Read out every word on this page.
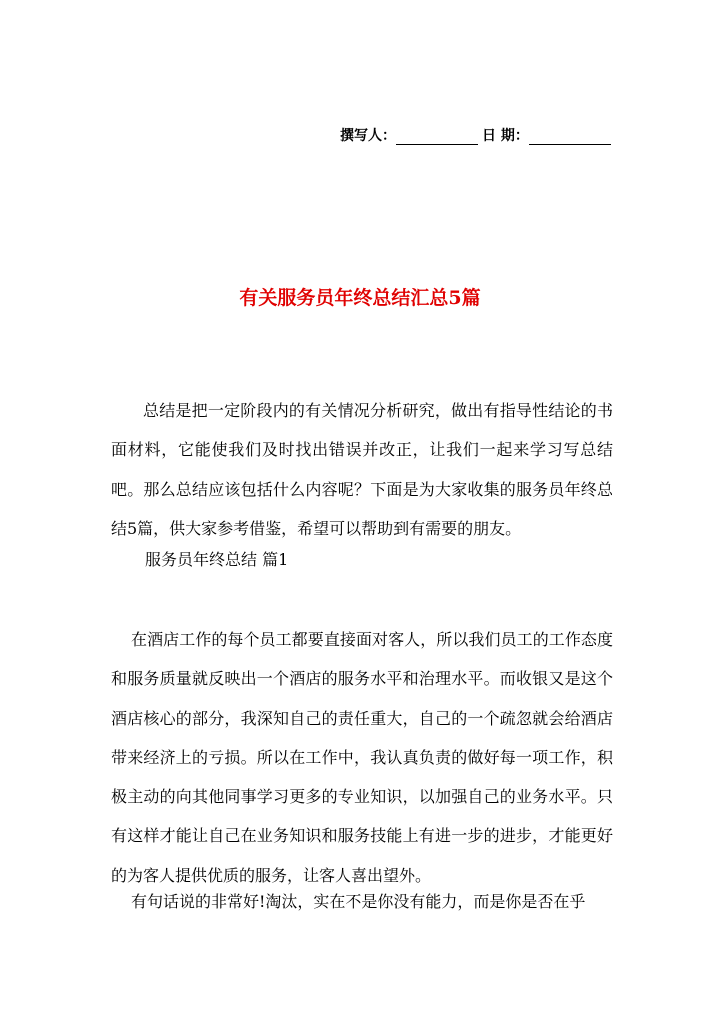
撰写人：	日 期：
有关服务员年终总结汇总5篇

总结是把一定阶段内的有关情况分析研究，做出有指导性结论的书面材料，它能使我们及时找出错误并改正，让我们一起来学习写总结吧。那么总结应该包括什么内容呢？下面是为大家收集的服务员年终总结5篇，供大家参考借鉴，希望可以帮助到有需要的朋友。

服务员年终总结 篇1

在酒店工作的每个员工都要直接面对客人，所以我们员工的工作态度和服务质量就反映出一个酒店的服务水平和治理水平。而收银又是这个酒店核心的部分，我深知自己的责任重大，自己的一个疏忽就会给酒店带来经济上的亏损。所以在工作中，我认真负责的做好每一项工作，积极主动的向其他同事学习更多的专业知识，以加强自己的业务水平。只有这样才能让自己在业务知识和服务技能上有进一步的进步，才能更好的为客人提供优质的服务，让客人喜出望外。

有句话说的非常好!淘汰，实在不是你没有能力，而是你是否在乎
